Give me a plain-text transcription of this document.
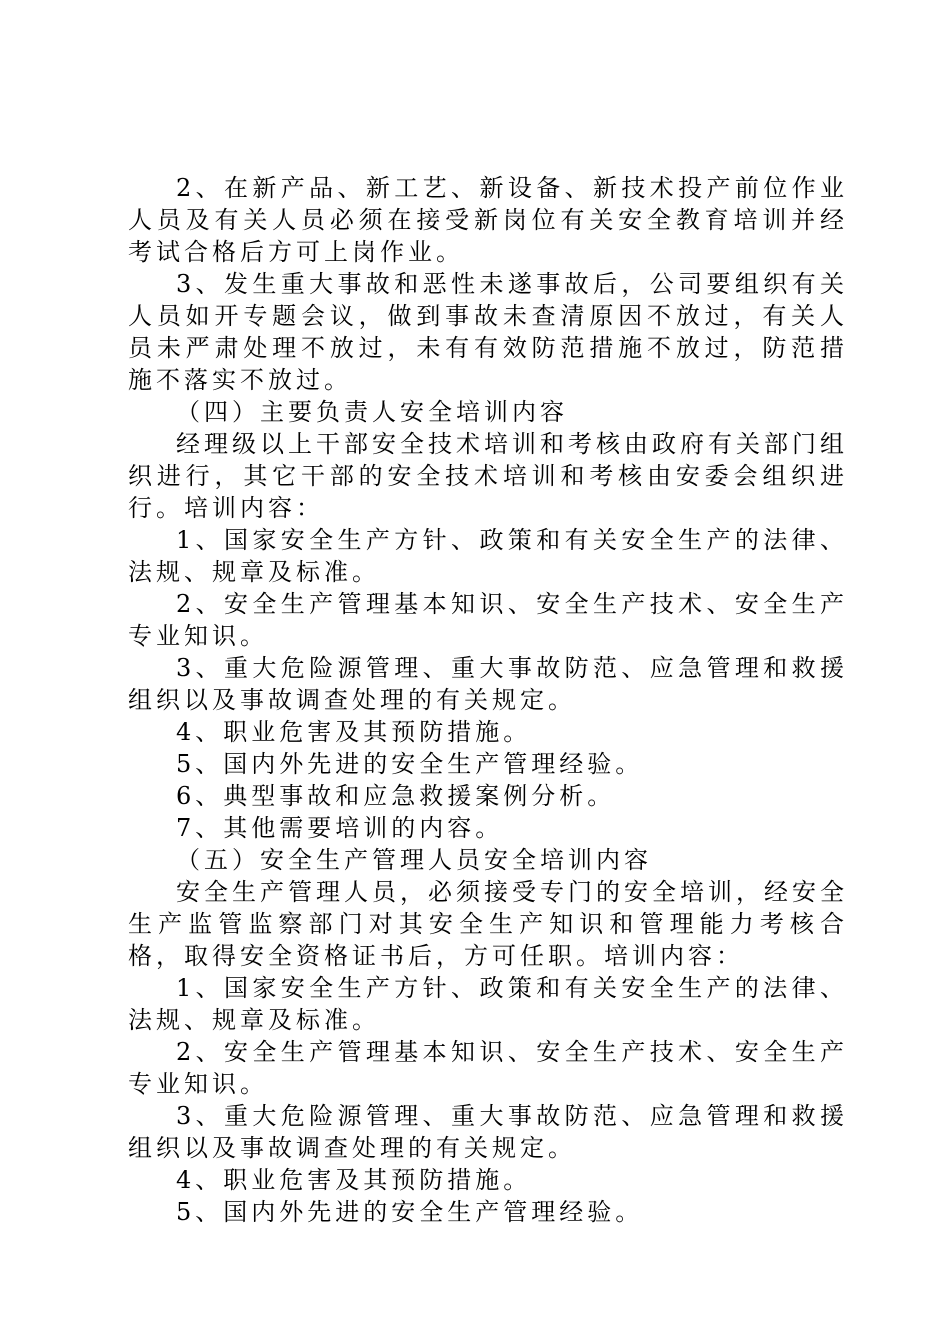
2、在新产品、新工艺、新设备、新技术投产前位作业人员及有关人员必须在接受新岗位有关安全教育培训并经考试合格后方可上岗作业。

3、发生重大事故和恶性未遂事故后，公司要组织有关人员如开专题会议，做到事故未查清原因不放过，有关人员未严肃处理不放过，未有有效防范措施不放过，防范措施不落实不放过。

（四）主要负责人安全培训内容

经理级以上干部安全技术培训和考核由政府有关部门组织进行，其它干部的安全技术培训和考核由安委会组织进行。培训内容：

1、国家安全生产方针、政策和有关安全生产的法律、法规、规章及标准。

2、安全生产管理基本知识、安全生产技术、安全生产专业知识。

3、重大危险源管理、重大事故防范、应急管理和救援组织以及事故调查处理的有关规定。

4、职业危害及其预防措施。

5、国内外先进的安全生产管理经验。

6、典型事故和应急救援案例分析。

7、其他需要培训的内容。

（五）安全生产管理人员安全培训内容

安全生产管理人员，必须接受专门的安全培训，经安全生产监管监察部门对其安全生产知识和管理能力考核合格，取得安全资格证书后，方可任职。培训内容：

1、国家安全生产方针、政策和有关安全生产的法律、法规、规章及标准。

2、安全生产管理基本知识、安全生产技术、安全生产专业知识。

3、重大危险源管理、重大事故防范、应急管理和救援组织以及事故调查处理的有关规定。

4、职业危害及其预防措施。

5、国内外先进的安全生产管理经验。
